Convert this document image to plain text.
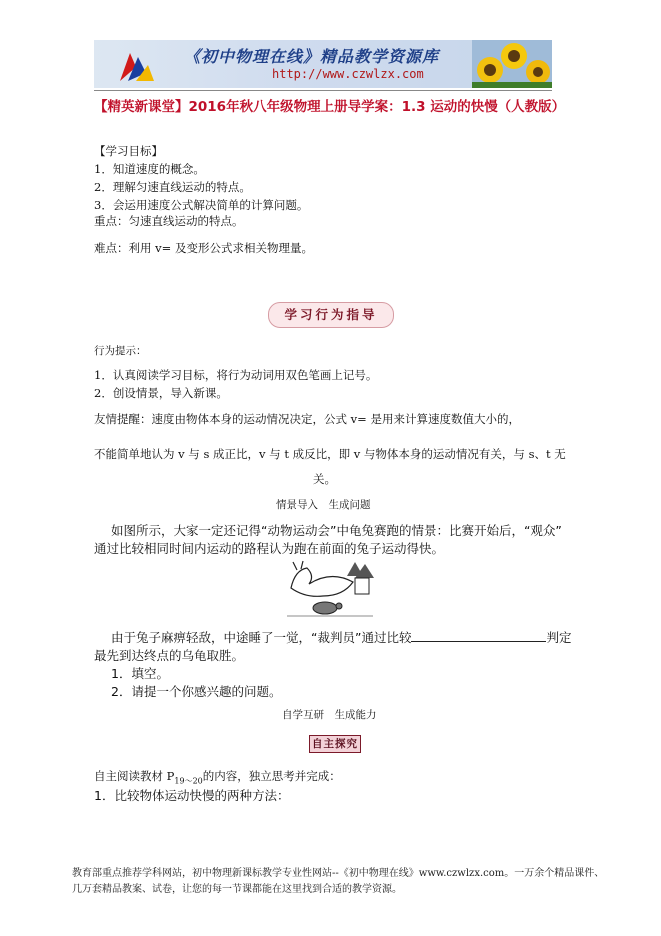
《初中物理在线》精品教学资源库
http://www.czwlzx.com
【精英新课堂】2016年秋八年级物理上册导学案：1.3 运动的快慢（人教版）
【学习目标】
1．知道速度的概念。
2．理解匀速直线运动的特点。
3．会运用速度公式解决简单的计算问题。
重点：匀速直线运动的特点。
难点：利用 v= 及变形公式求相关物理量。
学习行为指导
行为提示：
1．认真阅读学习目标，将行为动词用双色笔画上记号。
2．创设情景，导入新课。
友情提醒：速度由物体本身的运动情况决定，公式 v= 是用来计算速度数值大小的，
不能简单地认为 v 与 s 成正比，v 与 t 成反比，即 v 与物体本身的运动情况有关，与 s、t 无
关。
情景导入　生成问题
如图所示，大家一定还记得“动物运动会”中龟兔赛跑的情景：比赛开始后，“观众”
通过比较相同时间内运动的路程认为跑在前面的兔子运动得快。
由于兔子麻痹轻敌，中途睡了一觉，“裁判员”通过比较	判定
最先到达终点的乌龟取胜。
1．填空。
2．请提一个你感兴趣的问题。
自学互研　生成能力
自主探究
自主阅读教材 $P_{19\sim 20}$的内容，独立思考并完成：
1．比较物体运动快慢的两种方法：
教育部重点推荐学科网站，初中物理新课标教学专业性网站--《初中物理在线》www.czwlzx.com。一万余个精品课件、
几万套精品教案、试卷，让您的每一节课都能在这里找到合适的教学资源。
